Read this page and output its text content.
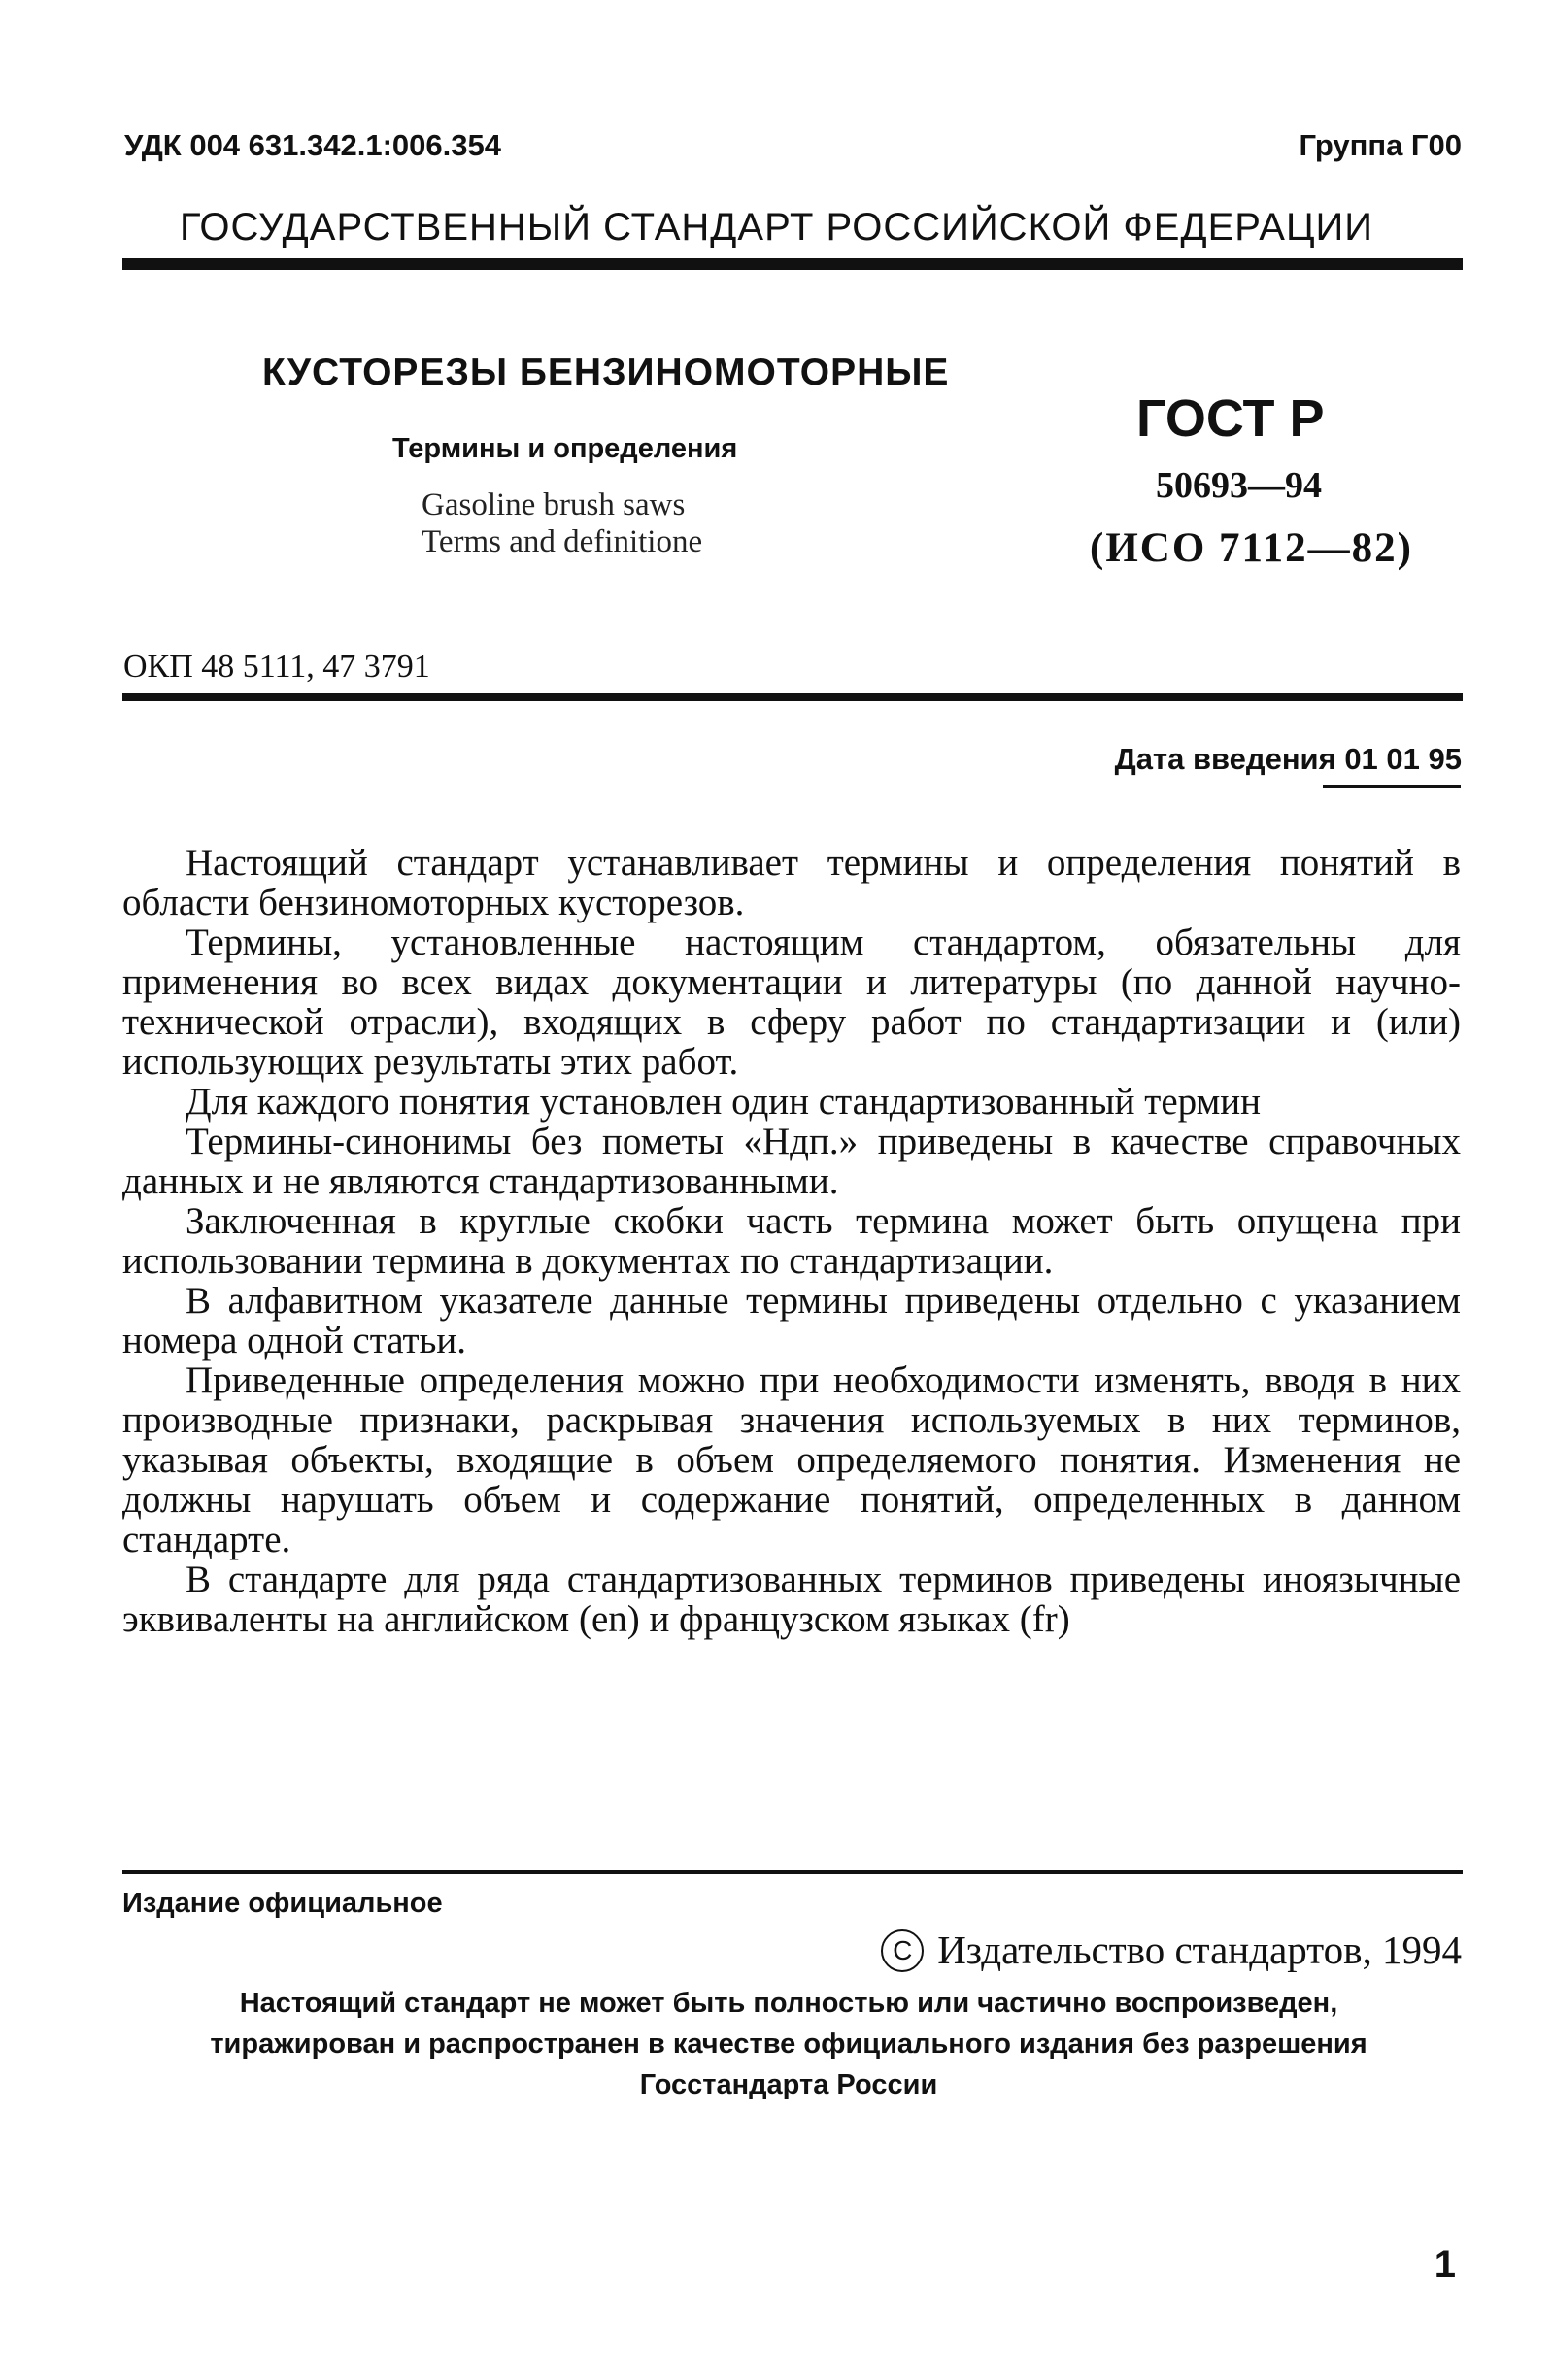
УДК 004 631.342.1:006.354	Группа Г00
ГОСУДАРСТВЕННЫЙ СТАНДАРТ РОССИЙСКОЙ ФЕДЕРАЦИИ
КУСТОРЕЗЫ БЕНЗИНОМОТОРНЫЕ
Термины и определения
Gasoline brush saws
Terms and definitione
ГОСТ Р
50693—94
(ИСО 7112—82)
ОКП 48 5111, 47 3791
Дата введения 01 01 95

Настоящий стандарт устанавливает термины и определения понятий в области бензиномоторных кусторезов.

Термины, установленные настоящим стандартом, обязательны для применения во всех видах документации и литературы (по данной научно-технической отрасли), входящих в сферу работ по стандартизации и (или) использующих результаты этих работ.

Для каждого понятия установлен один стандартизованный термин

Термины-синонимы без пометы «Ндп.» приведены в качестве справочных данных и не являются стандартизованными.

Заключенная в круглые скобки часть термина может быть опущена при использовании термина в документах по стандартизации.

В алфавитном указателе данные термины приведены отдельно с указанием номера одной статьи.

Приведенные определения можно при необходимости изменять, вводя в них производные признаки, раскрывая значения используемых в них терминов, указывая объекты, входящие в объем определяемого понятия. Изменения не должны нарушать объем и содержание понятий, определенных в данном стандарте.

В стандарте для ряда стандартизованных терминов приведены иноязычные эквиваленты на английском (en) и французском языках (fr)

Издание официальное
C Издательство стандартов, 1994
Настоящий стандарт не может быть полностью или частично воспроизведен,
тиражирован и распространен в качестве официального издания без разрешения
Госстандарта России
1
